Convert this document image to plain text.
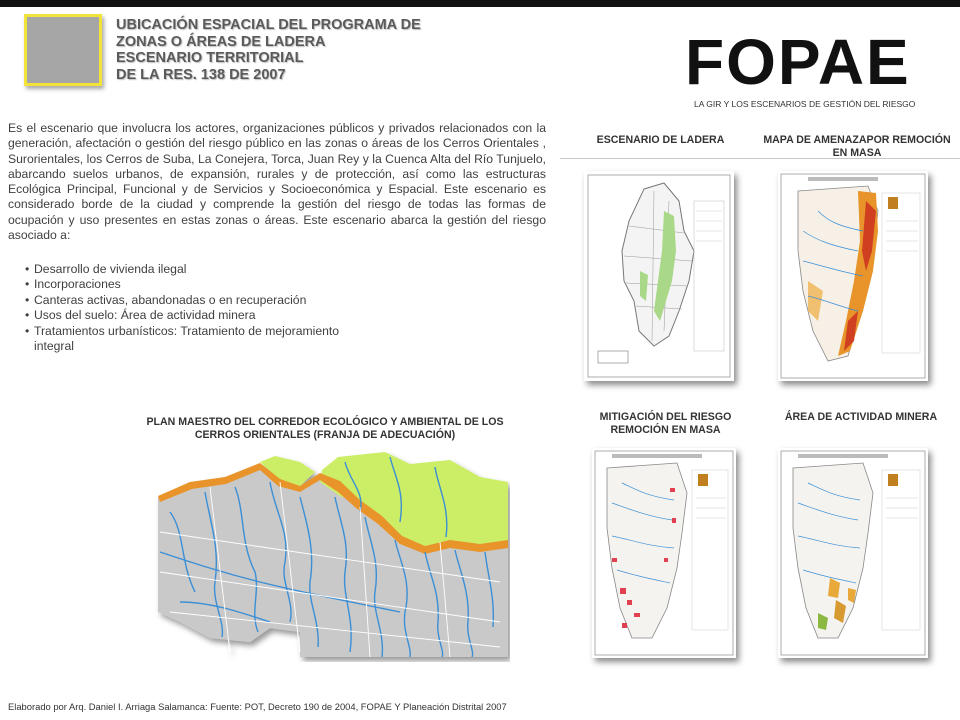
UBICACIÓN ESPACIAL DEL PROGRAMA DE
ZONAS O ÁREAS DE LADERA
ESCENARIO TERRITORIAL
DE LA RES. 138 DE 2007	FOPAE
LA GIR Y LOS ESCENARIOS DE GESTIÓN DEL RIESGO
Es el escenario que involucra los actores, organizaciones públicos y privados relacionados con la generación, afectación o gestión del riesgo público en las zonas o áreas de los Cerros Orientales , Surorientales, los Cerros de Suba, La Conejera, Torca, Juan Rey y la Cuenca Alta del Río Tunjuelo, abarcando suelos urbanos, de expansión, rurales y de protección, así como las estructuras Ecológica Principal, Funcional y de Servicios y Socioeconómica y Espacial. Este escenario es considerado borde de la ciudad y comprende la gestión del riesgo de todas las formas de ocupación y uso presentes en estas zonas o áreas. Este escenario abarca la gestión del riesgo asociado a:
• Desarrollo de vivienda ilegal
• Incorporaciones
• Canteras activas, abandonadas o en recuperación
• Usos del suelo: Área de actividad minera
• Tratamientos urbanísticos: Tratamiento de mejoramiento integral
PLAN MAESTRO DEL CORREDOR ECOLÓGICO Y AMBIENTAL DE LOS CERROS ORIENTALES (FRANJA DE ADECUACIÓN)
ESCENARIO DE LADERA	MAPA DE AMENAZAPOR REMOCIÓN EN MASA
MITIGACIÓN DEL RIESGO REMOCIÓN EN MASA
ÁREA DE ACTIVIDAD MINERA
Elaborado por Arq. Daniel I. Arriaga Salamanca: Fuente: POT, Decreto 190 de 2004, FOPAE Y Planeación Distrital 2007
